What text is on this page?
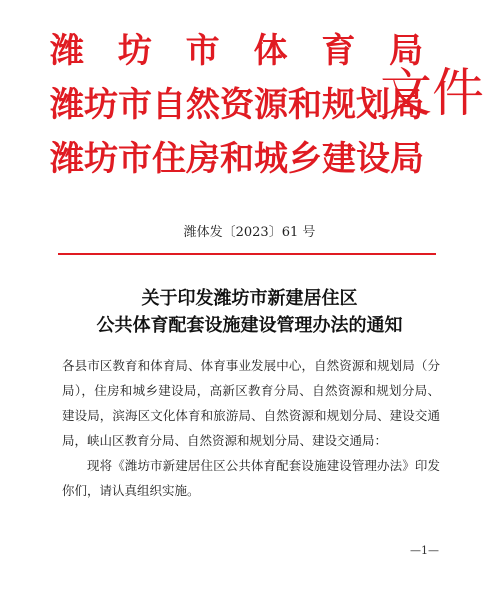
潍 坊 市 体 育 局
潍坊市自然资源和规划局
潍坊市住房和城乡建设局
文件
潍体发〔2023〕61 号
关于印发潍坊市新建居住区
公共体育配套设施建设管理办法的通知
各县市区教育和体育局、体育事业发展中心，自然资源和规划局（分局），住房和城乡建设局，高新区教育分局、自然资源和规划分局、建设局，滨海区文化体育和旅游局、自然资源和规划分局、建设交通局，峡山区教育分局、自然资源和规划分局、建设交通局：
现将《潍坊市新建居住区公共体育配套设施建设管理办法》印发你们，请认真组织实施。
—1—
